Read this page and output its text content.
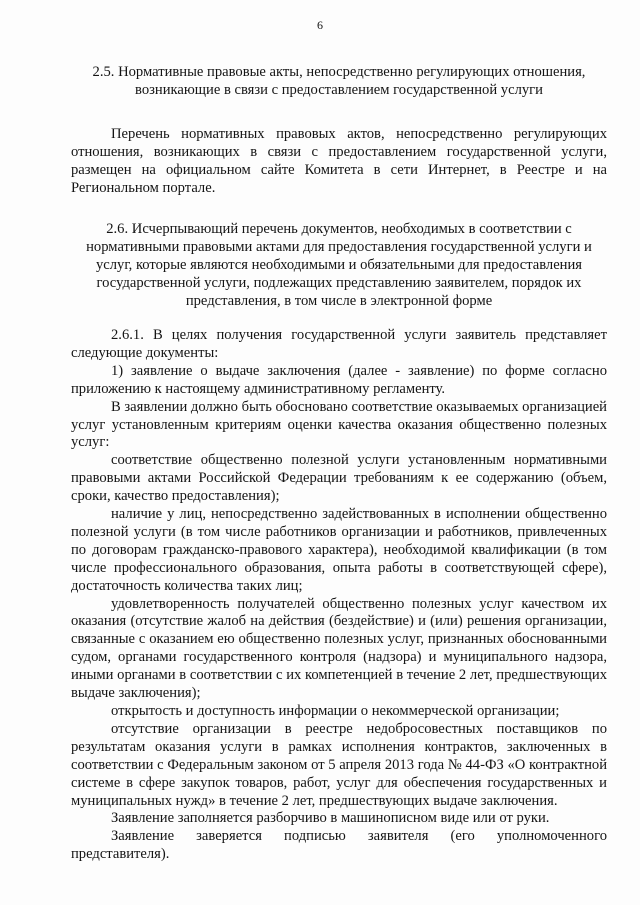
6
2.5. Нормативные правовые акты, непосредственно регулирующих отношения, возникающие в связи с предоставлением государственной услуги

Перечень нормативных правовых актов, непосредственно регулирующих отношения, возникающих в связи с предоставлением государственной услуги, размещен на официальном сайте Комитета в сети Интернет, в Реестре и на Региональном портале.

2.6. Исчерпывающий перечень документов, необходимых в соответствии с нормативными правовыми актами для предоставления государственной услуги и услуг, которые являются необходимыми и обязательными для предоставления государственной услуги, подлежащих представлению заявителем, порядок их представления, в том числе в электронной форме

2.6.1. В целях получения государственной услуги заявитель представляет следующие документы:

1) заявление о выдаче заключения (далее - заявление) по форме согласно приложению к настоящему административному регламенту.

В заявлении должно быть обосновано соответствие оказываемых организацией услуг установленным критериям оценки качества оказания общественно полезных услуг:

соответствие общественно полезной услуги установленным нормативными правовыми актами Российской Федерации требованиям к ее содержанию (объем, сроки, качество предоставления);

наличие у лиц, непосредственно задействованных в исполнении общественно полезной услуги (в том числе работников организации и работников, привлеченных по договорам гражданско-правового характера), необходимой квалификации (в том числе профессионального образования, опыта работы в соответствующей сфере), достаточность количества таких лиц;

удовлетворенность получателей общественно полезных услуг качеством их оказания (отсутствие жалоб на действия (бездействие) и (или) решения организации, связанные с оказанием ею общественно полезных услуг, признанных обоснованными судом, органами государственного контроля (надзора) и муниципального надзора, иными органами в соответствии с их компетенцией в течение 2 лет, предшествующих выдаче заключения);

открытость и доступность информации о некоммерческой организации;

отсутствие организации в реестре недобросовестных поставщиков по результатам оказания услуги в рамках исполнения контрактов, заключенных в соответствии с Федеральным законом от 5 апреля 2013 года № 44-ФЗ «О контрактной системе в сфере закупок товаров, работ, услуг для обеспечения государственных и муниципальных нужд» в течение 2 лет, предшествующих выдаче заключения.

Заявление заполняется разборчиво в машинописном виде или от руки.

Заявление заверяется подписью заявителя (его уполномоченного представителя).
